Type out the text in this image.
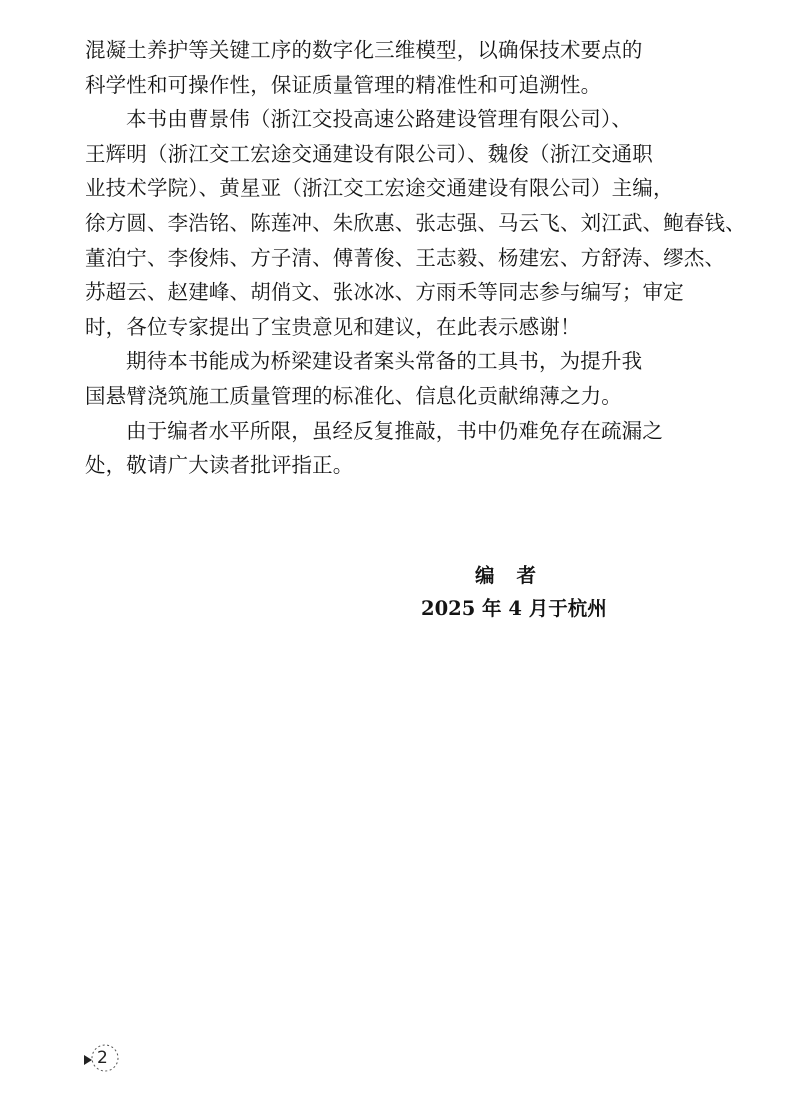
混凝土养护等关键工序的数字化三维模型，以确保技术要点的
科学性和可操作性，保证质量管理的精准性和可追溯性。
本书由曹景伟（浙江交投高速公路建设管理有限公司）、
王辉明（浙江交工宏途交通建设有限公司）、魏俊（浙江交通职
业技术学院）、黄星亚（浙江交工宏途交通建设有限公司）主编，
徐方圆、李浩铭、陈莲冲、朱欣惠、张志强、马云飞、刘江武、鲍春钱、
董泊宁、李俊炜、方子清、傅菁俊、王志毅、杨建宏、方舒涛、缪杰、
苏超云、赵建峰、胡俏文、张冰冰、方雨禾等同志参与编写；审定
时，各位专家提出了宝贵意见和建议，在此表示感谢！
期待本书能成为桥梁建设者案头常备的工具书，为提升我
国悬臂浇筑施工质量管理的标准化、信息化贡献绵薄之力。
由于编者水平所限，虽经反复推敲，书中仍难免存在疏漏之
处，敬请广大读者批评指正。
编者
2025 年 4 月于杭州
2
